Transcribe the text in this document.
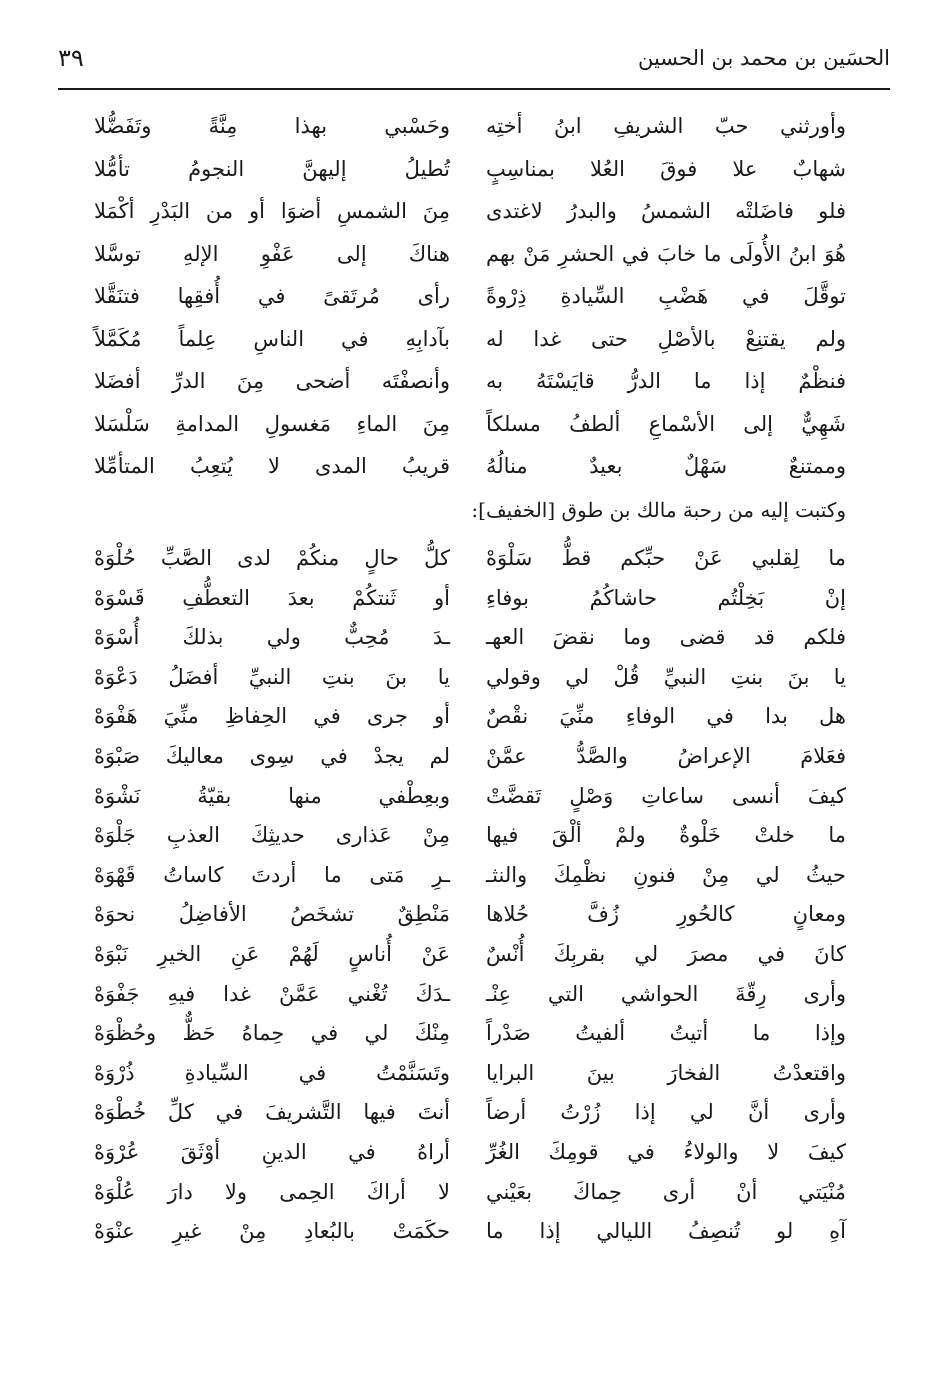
٣٩	الحسَين بن محمد بن الحسين
وأورثني حبّ الشريفِ ابنُ أختِه
وحَسْبي بهذا مِنَّةً وتَفَضُّلا
شهابٌ علا فوقَ العُلا بمناسِبٍ
تُطيلُ إليهنَّ النجومُ تأمُّلا
فلو فاضَلتْه الشمسُ والبدرُ لاغتدى
مِنَ الشمسِ أضوَا أو من البَدْرِ أكْمَلا
هُوَ ابنُ الأُولَى ما خابَ في الحشرِ مَنْ بهم
هناكَ إلى عَفْوِ الإلهِ توسَّلا
توقَّلَ في هَضْبِ السِّيادةِ ذِرْوةً
رأى مُرتَقىً في أُفقِها فتنَقَّلا
ولم يقتنِعْ بالأصْلِ حتى غدا له
بآدابِهِ في الناسِ عِلماً مُكَمَّلاً
فنظْمٌ إذا ما الدرُّ قايَسْتَهُ به
وأنصفْتَه أضحى مِنَ الدرِّ أفضَلا
شَهِيٌّ إلى الأسْماعِ ألطفُ مسلكاً
مِنَ الماءِ مَغسولِ المدامةِ سَلْسَلا
وممتنعٌ سَهْلٌ بعيدٌ منالُهُ
قريبُ المدى لا يُتعِبُ المتأمِّلا
وكتبت إليه من رحبة مالك بن طوق [الخفيف]:
ما لِقلبي عَنْ حبِّكم قطُّ سَلْوَهْ
كلُّ حالٍ منكُمْ لدى الصَّبِّ حُلْوَهْ
إنْ بَخِلْتُم حاشاكُمُ بوفاءِ
أو ثَنتكُمْ بعدَ التعطُّفِ قَسْوَهْ
فلكم قد قضى وما نقضَ العهـ
ـدَ مُحِبٌّ ولي بذلكَ أُسْوَهْ
يا بنَ بنتِ النبيِّ قُلْ لي وقولي
يا بنَ بنتِ النبيِّ أفضَلُ دَعْوَهْ
هل بدا في الوفاءِ منِّيَ نقْصٌ
أو جرى في الحِفاظِ منِّيَ هَفْوَهْ
فعَلامَ الإعراضُ والصَّدُّ عمَّنْ
لم يجدْ في سِوى معاليكَ صَبْوَهْ
كيفَ أنسى ساعاتِ وَصْلٍ تَقضَّتْ
وبعِطْفي منها بقيّةُ نَشْوَهْ
ما خلتْ خَلْوةٌ ولمْ ألْقَ فيها
مِنْ عَذارى حديثِكَ العذبِ جَلْوَهْ
حيثُ لي مِنْ فنونِ نظْمِكَ والنثـ
ـرِ مَتى ما أردتَ كاساتُ قَهْوَهْ
ومعانٍ كالحُورِ زُفَّ حُلاها
مَنْطِقٌ تشخَصُ الأفاضِلُ نحوَهْ
كانَ في مصرَ لي بقربِكَ أُنْسٌ
عَنْ أُناسٍ لَهُمْ عَنِ الخيرِ نَبْوَهْ
وأرى رِقّةَ الحواشي التي عِنْـ
ـدَكَ تُغْني عَمَّنْ غدا فيهِ جَفْوَهْ
وإذا ما أتيتُ ألفيتُ صَدْراً
مِنْكَ لي في حِماهُ حَظٌّ وحُظْوَهْ
واقتعدْتُ الفخارَ بينَ البرايا
وتَسَنَّمْتُ في السِّيادةِ ذُرْوَهْ
وأرى أنَّ لي إذا زُرْتُ أرضاً
أنتَ فيها التَّشريفَ في كلِّ خُطْوَهْ
كيفَ لا والولاءُ في قومِكَ الغُرِّ
أراهُ في الدينِ أوْثَقَ عُرْوَهْ
مُنْيَتي أنْ أرى حِماكَ بعَيْني
لا أراكَ الحِمى ولا دارَ عُلْوَهْ
آهِ لو تُنصِفُ الليالي إذا ما
حكَمَتْ بالبُعادِ مِنْ غيرِ عنْوَهْ
